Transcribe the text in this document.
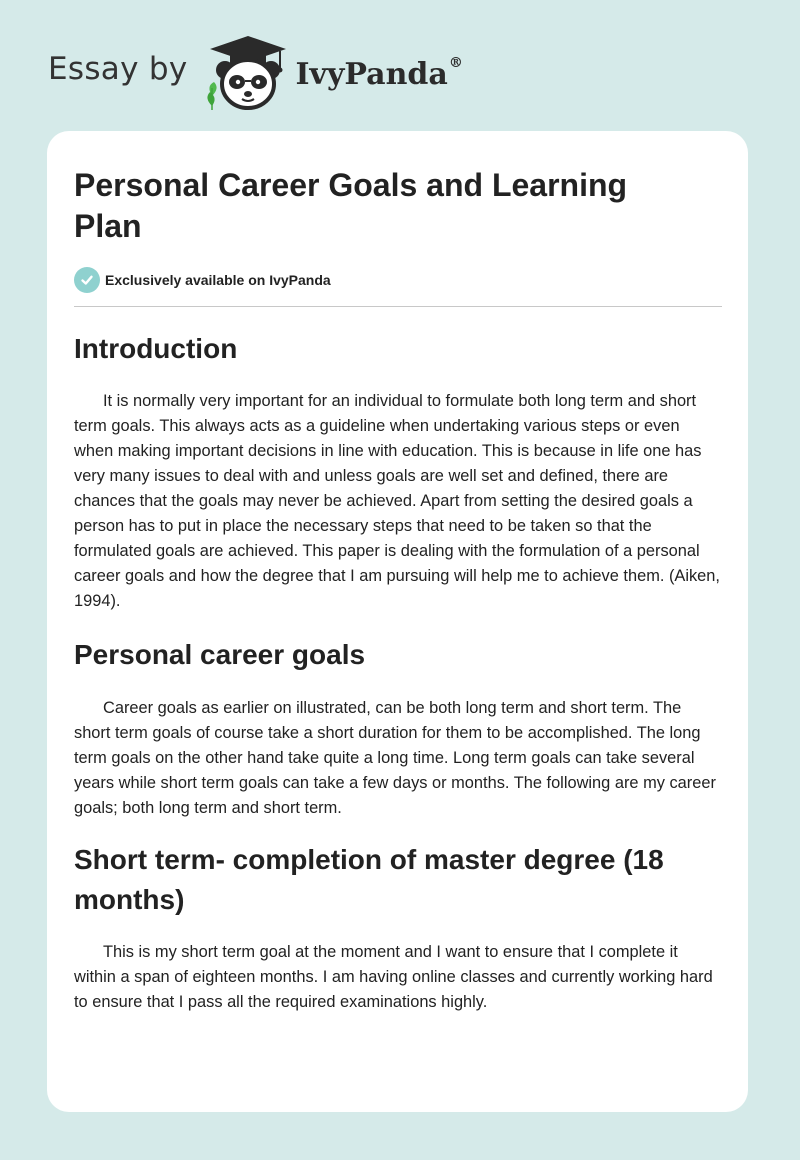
Essay by	IvyPanda®
Personal Career Goals and Learning Plan
Exclusively available on IvyPanda
Introduction

It is normally very important for an individual to formulate both long term and short term goals. This always acts as a guideline when undertaking various steps or even when making important decisions in line with education. This is because in life one has very many issues to deal with and unless goals are well set and defined, there are chances that the goals may never be achieved. Apart from setting the desired goals a person has to put in place the necessary steps that need to be taken so that the formulated goals are achieved. This paper is dealing with the formulation of a personal career goals and how the degree that I am pursuing will help me to achieve them. (Aiken, 1994).

Personal career goals

Career goals as earlier on illustrated, can be both long term and short term. The short term goals of course take a short duration for them to be accomplished. The long term goals on the other hand take quite a long time. Long term goals can take several years while short term goals can take a few days or months. The following are my career goals; both long term and short term.

Short term- completion of master degree (18 months)

This is my short term goal at the moment and I want to ensure that I complete it within a span of eighteen months. I am having online classes and currently working hard to ensure that I pass all the required examinations highly.
